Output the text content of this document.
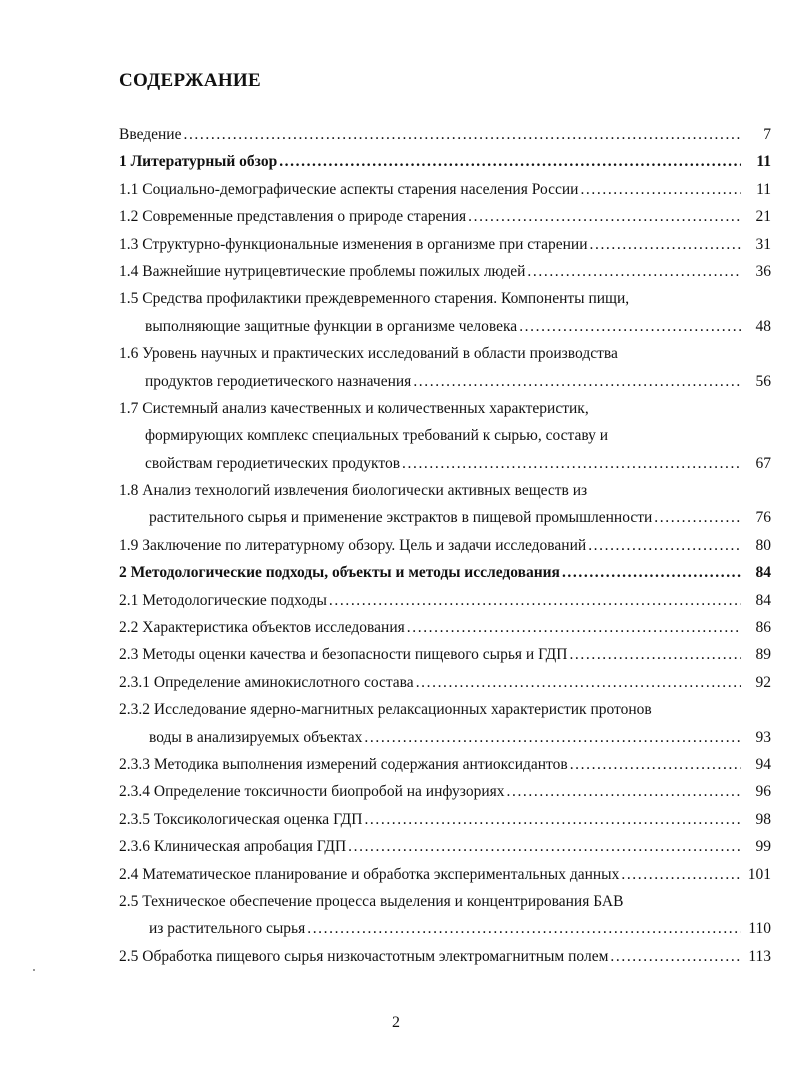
СОДЕРЖАНИЕ
Введение .....	7
1 Литературный обзор .....	11
1.1 Социально-демографические аспекты старения населения России .....	11
1.2 Современные представления о природе старения .....	21
1.3 Структурно-функциональные изменения в организме при старении .....	31
1.4 Важнейшие нутрицевтические проблемы пожилых людей .....	36
1.5 Средства профилактики преждевременного старения. Компоненты пищи,
выполняющие защитные функции в организме человека .....	48
1.6 Уровень научных и практических исследований в области производства
продуктов геродиетического назначения .....	56
1.7 Системный анализ качественных и количественных характеристик,
формирующих комплекс специальных требований к сырью, составу и
свойствам геродиетических продуктов .....	67
1.8 Анализ технологий извлечения биологически активных веществ из
растительного сырья и применение экстрактов в пищевой промышленности .....	76
1.9 Заключение по литературному обзору. Цель и задачи исследований .....	80
2 Методологические подходы, объекты и методы исследования .....	84
2.1 Методологические подходы .....	84
2.2 Характеристика объектов исследования .....	86
2.3 Методы оценки качества и безопасности пищевого сырья и ГДП .....	89
2.3.1 Определение аминокислотного состава .....	92
2.3.2 Исследование ядерно-магнитных релаксационных характеристик протонов
воды в анализируемых объектах .....	93
2.3.3 Методика выполнения измерений содержания антиоксидантов .....	94
2.3.4 Определение токсичности биопробой на инфузориях .....	96
2.3.5 Токсикологическая оценка ГДП .....	98
2.3.6 Клиническая апробация ГДП .....	99
2.4 Математическое планирование и обработка экспериментальных данных .....	101
2.5 Техническое обеспечение процесса выделения и концентрирования БАВ
из растительного сырья .....	110
2.5 Обработка пищевого сырья низкочастотным электромагнитным полем .....	113
2
